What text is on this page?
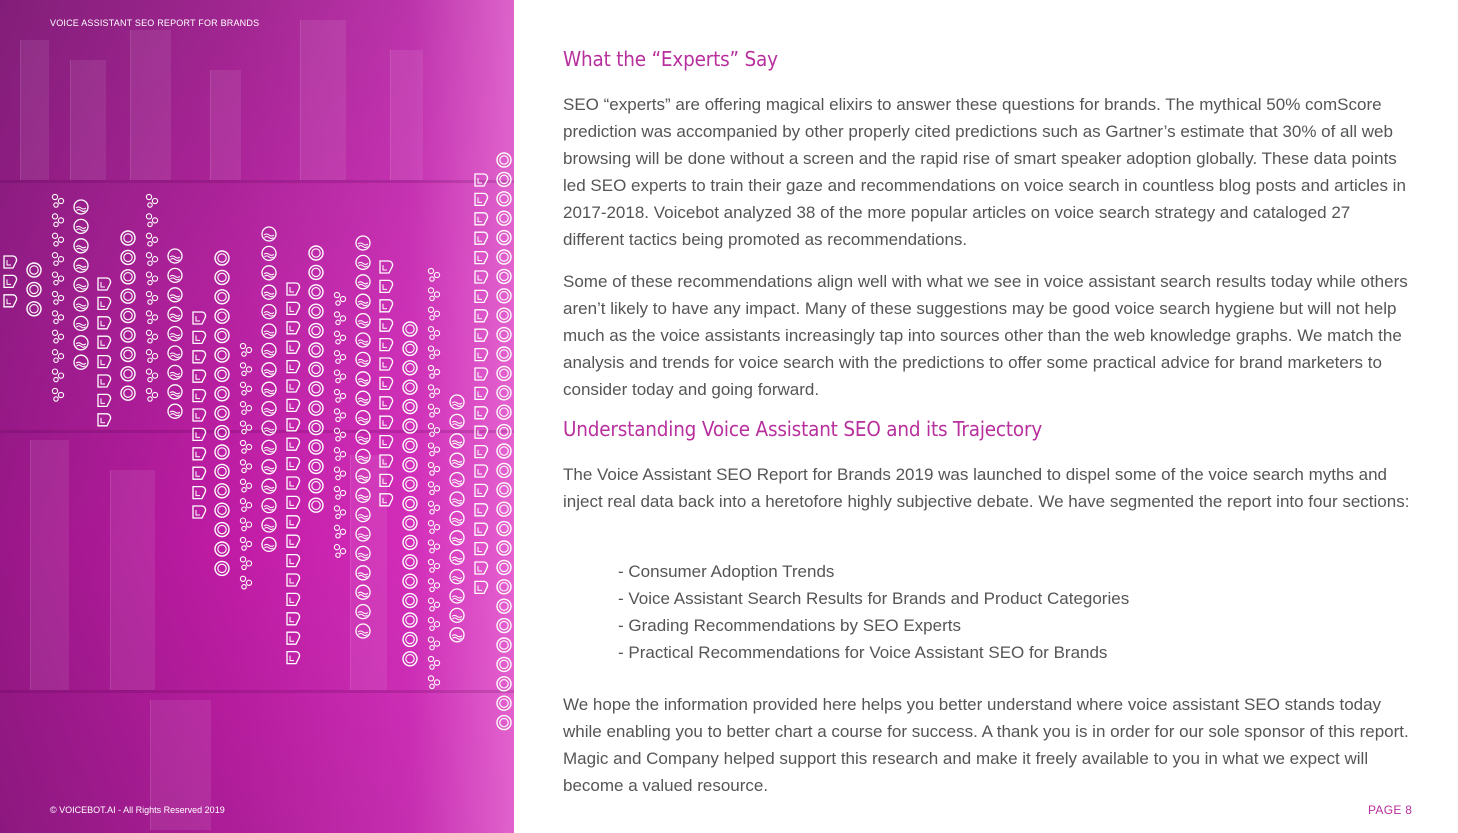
VOICE ASSISTANT SEO REPORT FOR BRANDS
© VOICEBOT.AI - All Rights Reserved 2019
What the “Experts” Say

SEO “experts” are offering magical elixirs to answer these questions for brands. The mythical 50% comScore prediction was accompanied by other properly cited predictions such as Gartner’s estimate that 30% of all web browsing will be done without a screen and the rapid rise of smart speaker adoption globally. These data points led SEO experts to train their gaze and recommendations on voice search in countless blog posts and articles in 2017-2018. Voicebot analyzed 38 of the more popular articles on voice search strategy and cataloged 27 different tactics being promoted as recommendations.

Some of these recommendations align well with what we see in voice assistant search results today while others aren’t likely to have any impact. Many of these suggestions may be good voice search hygiene but will not help much as the voice assistants increasingly tap into sources other than the web knowledge graphs. We match the analysis and trends for voice search with the predictions to offer some practical advice for brand marketers to consider today and going forward.

Understanding Voice Assistant SEO and its Trajectory

The Voice Assistant SEO Report for Brands 2019 was launched to dispel some of the voice search myths and inject real data back into a heretofore highly subjective debate. We have segmented the report into four sections:

- Consumer Adoption Trends
- Voice Assistant Search Results for Brands and Product Categories
- Grading Recommendations by SEO Experts
- Practical Recommendations for Voice Assistant SEO for Brands

We hope the information provided here helps you better understand where voice assistant SEO stands today while enabling you to better chart a course for success. A thank you is in order for our sole sponsor of this report. Magic and Company helped support this research and make it freely available to you in what we expect will become a valued resource.

PAGE 8
